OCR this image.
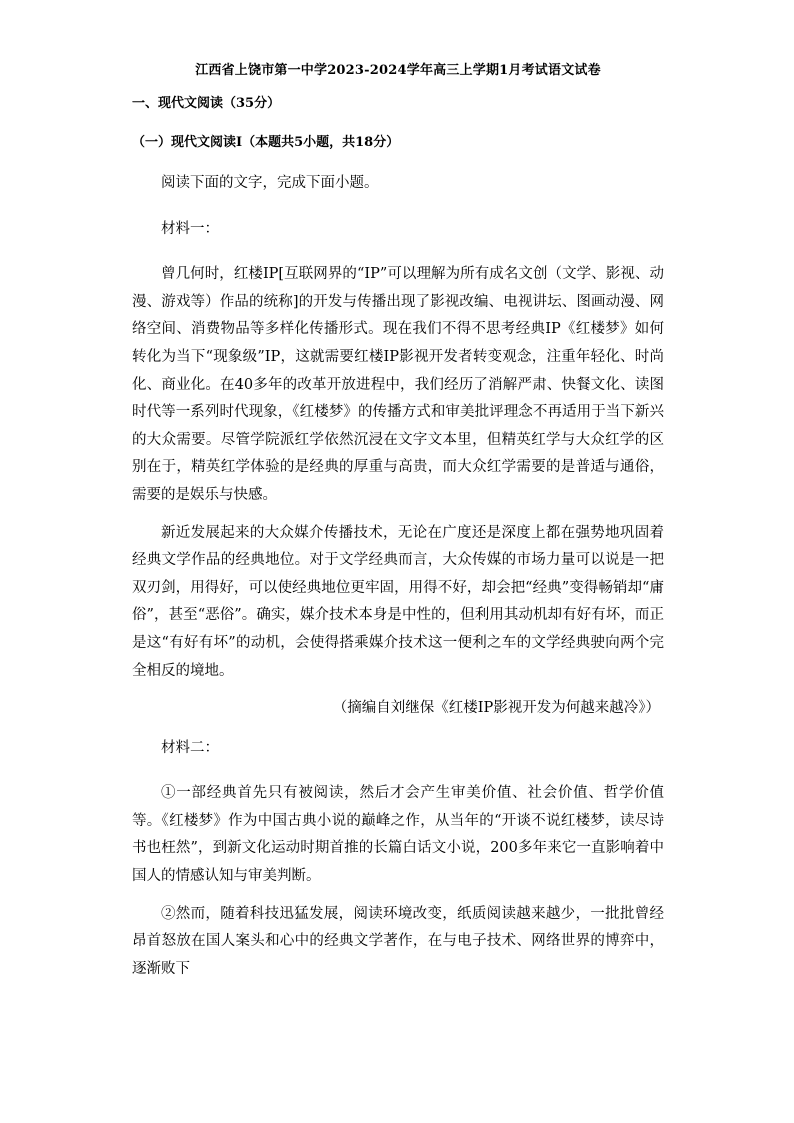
江西省上饶市第一中学2023-2024学年高三上学期1月考试语文试卷
一、现代文阅读（35分）
（一）现代文阅读Ⅰ（本题共5小题，共18分）

阅读下面的文字，完成下面小题。

材料一：

曾几何时，红楼IP[互联网界的“IP”可以理解为所有成名文创（文学、影视、动漫、游戏等）作品的统称]的开发与传播出现了影视改编、电视讲坛、图画动漫、网络空间、消费物品等多样化传播形式。现在我们不得不思考经典IP《红楼梦》如何转化为当下“现象级”IP，这就需要红楼IP影视开发者转变观念，注重年轻化、时尚化、商业化。在40多年的改革开放进程中，我们经历了消解严肃、快餐文化、读图时代等一系列时代现象，《红楼梦》的传播方式和审美批评理念不再适用于当下新兴的大众需要。尽管学院派红学依然沉浸在文字文本里，但精英红学与大众红学的区别在于，精英红学体验的是经典的厚重与高贵，而大众红学需要的是普适与通俗，需要的是娱乐与快感。

新近发展起来的大众媒介传播技术，无论在广度还是深度上都在强势地巩固着经典文学作品的经典地位。对于文学经典而言，大众传媒的市场力量可以说是一把双刃剑，用得好，可以使经典地位更牢固，用得不好，却会把“经典”变得畅销却“庸俗”，甚至“恶俗”。确实，媒介技术本身是中性的，但利用其动机却有好有坏，而正是这“有好有坏”的动机，会使得搭乘媒介技术这一便利之车的文学经典驶向两个完全相反的境地。

（摘编自刘继保《红楼IP影视开发为何越来越冷》）

材料二：

①一部经典首先只有被阅读，然后才会产生审美价值、社会价值、哲学价值等。《红楼梦》作为中国古典小说的巅峰之作，从当年的“开谈不说红楼梦，读尽诗书也枉然”，到新文化运动时期首推的长篇白话文小说，200多年来它一直影响着中国人的情感认知与审美判断。

②然而，随着科技迅猛发展，阅读环境改变，纸质阅读越来越少，一批批曾经昂首怒放在国人案头和心中的经典文学著作，在与电子技术、网络世界的博弈中，逐渐败下
